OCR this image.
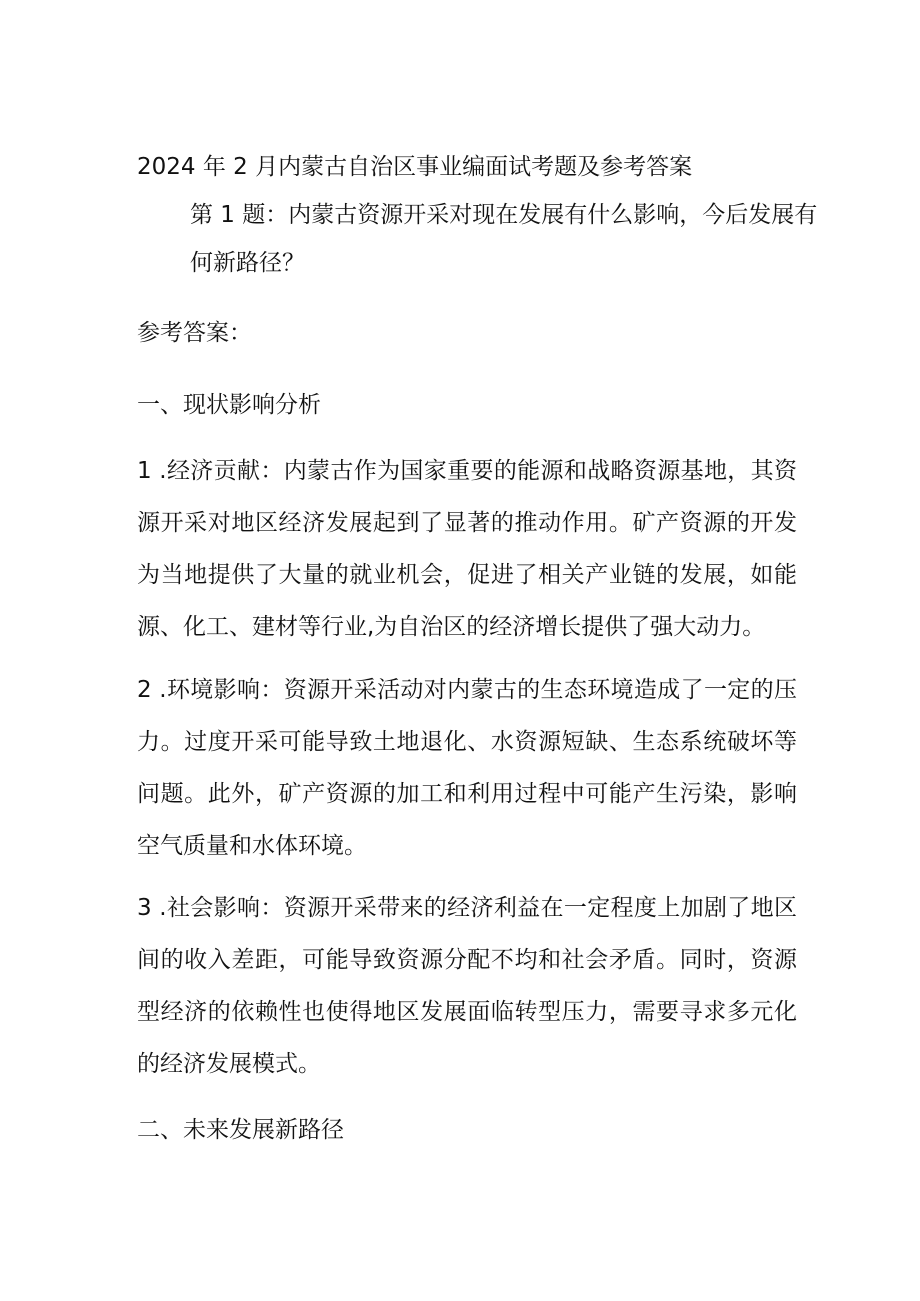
2024 年 2 月内蒙古自治区事业编面试考题及参考答案
第 1 题：内蒙古资源开采对现在发展有什么影响，今后发展有
何新路径？
参考答案：
一、现状影响分析

1 .经济贡献：内蒙古作为国家重要的能源和战略资源基地，其资源开采对地区经济发展起到了显著的推动作用。矿产资源的开发为当地提供了大量的就业机会，促进了相关产业链的发展，如能源、化工、建材等行业,为自治区的经济增长提供了强大动力。

2 .环境影响：资源开采活动对内蒙古的生态环境造成了一定的压力。过度开采可能导致土地退化、水资源短缺、生态系统破坏等问题。此外，矿产资源的加工和利用过程中可能产生污染，影响空气质量和水体环境。

3 .社会影响：资源开采带来的经济利益在一定程度上加剧了地区间的收入差距，可能导致资源分配不均和社会矛盾。同时，资源型经济的依赖性也使得地区发展面临转型压力，需要寻求多元化的经济发展模式。

二、未来发展新路径
